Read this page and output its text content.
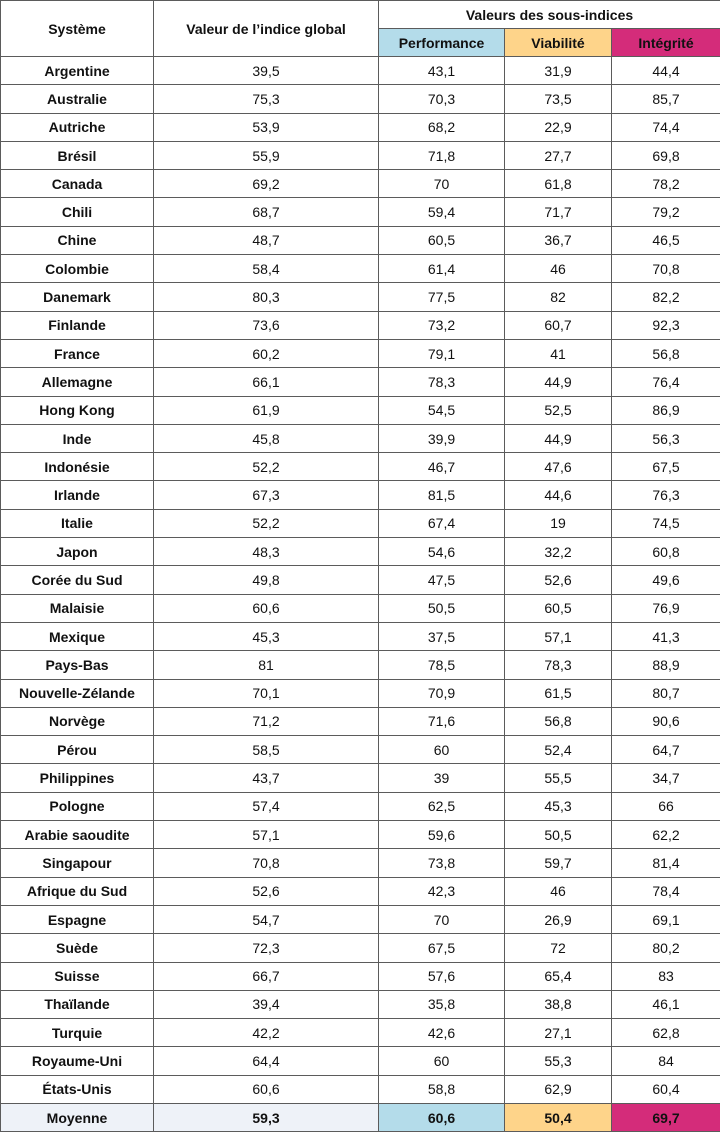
Système	Valeur de l’indice global	Valeurs des sous-indices		
		Performance	Viabilité	Intégrité
Argentine	39,5	43,1	31,9	44,4
Australie	75,3	70,3	73,5	85,7
Autriche	53,9	68,2	22,9	74,4
Brésil	55,9	71,8	27,7	69,8
Canada	69,2	70	61,8	78,2
Chili	68,7	59,4	71,7	79,2
Chine	48,7	60,5	36,7	46,5
Colombie	58,4	61,4	46	70,8
Danemark	80,3	77,5	82	82,2
Finlande	73,6	73,2	60,7	92,3
France	60,2	79,1	41	56,8
Allemagne	66,1	78,3	44,9	76,4
Hong Kong	61,9	54,5	52,5	86,9
Inde	45,8	39,9	44,9	56,3
Indonésie	52,2	46,7	47,6	67,5
Irlande	67,3	81,5	44,6	76,3
Italie	52,2	67,4	19	74,5
Japon	48,3	54,6	32,2	60,8
Corée du Sud	49,8	47,5	52,6	49,6
Malaisie	60,6	50,5	60,5	76,9
Mexique	45,3	37,5	57,1	41,3
Pays-Bas	81	78,5	78,3	88,9
Nouvelle-Zélande	70,1	70,9	61,5	80,7
Norvège	71,2	71,6	56,8	90,6
Pérou	58,5	60	52,4	64,7
Philippines	43,7	39	55,5	34,7
Pologne	57,4	62,5	45,3	66
Arabie saoudite	57,1	59,6	50,5	62,2
Singapour	70,8	73,8	59,7	81,4
Afrique du Sud	52,6	42,3	46	78,4
Espagne	54,7	70	26,9	69,1
Suède	72,3	67,5	72	80,2
Suisse	66,7	57,6	65,4	83
Thaïlande	39,4	35,8	38,8	46,1
Turquie	42,2	42,6	27,1	62,8
Royaume-Uni	64,4	60	55,3	84
États-Unis	60,6	58,8	62,9	60,4
Moyenne	59,3	60,6	50,4	69,7
